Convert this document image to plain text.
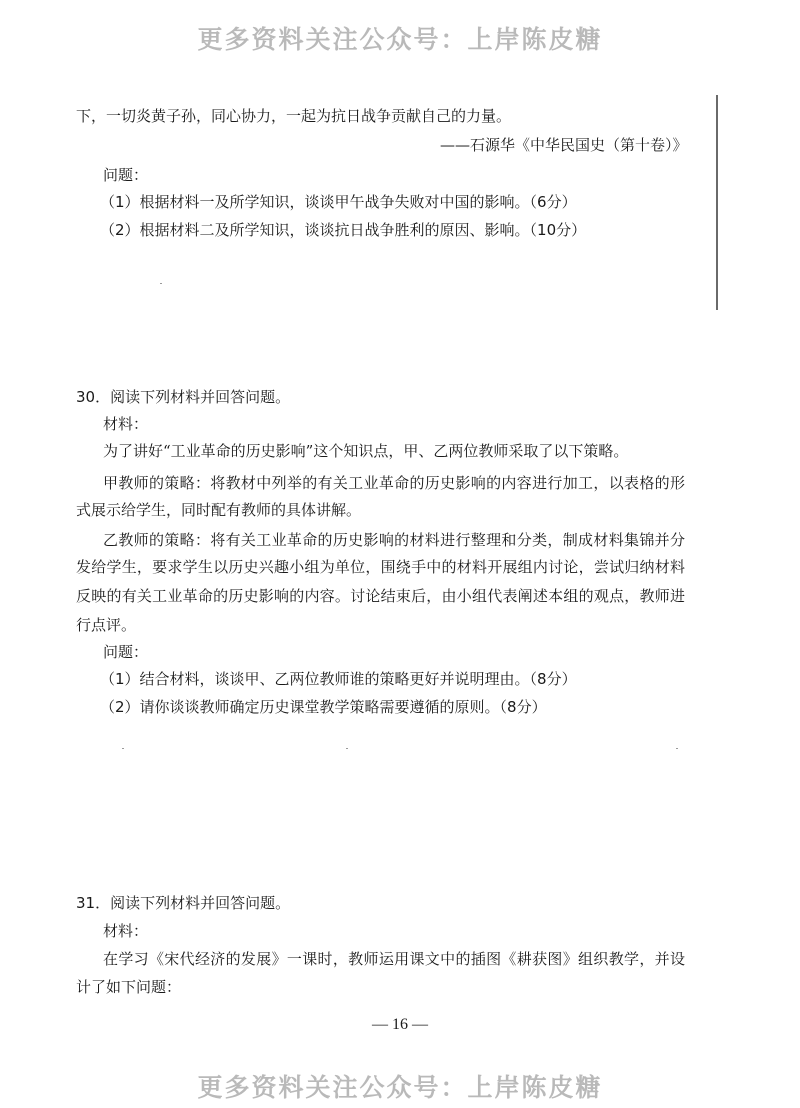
更多资料关注公众号：上岸陈皮糖
下，一切炎黄子孙，同心协力，一起为抗日战争贡献自己的力量。
——石源华《中华民国史（第十卷）》
问题：
（1）根据材料一及所学知识，谈谈甲午战争失败对中国的影响。（6分）
（2）根据材料二及所学知识，谈谈抗日战争胜利的原因、影响。（10分）
30．阅读下列材料并回答问题。
材料：
为了讲好“工业革命的历史影响”这个知识点，甲、乙两位教师采取了以下策略。
甲教师的策略：将教材中列举的有关工业革命的历史影响的内容进行加工，以表格的形
式展示给学生，同时配有教师的具体讲解。
乙教师的策略：将有关工业革命的历史影响的材料进行整理和分类，制成材料集锦并分
发给学生，要求学生以历史兴趣小组为单位，围绕手中的材料开展组内讨论，尝试归纳材料
反映的有关工业革命的历史影响的内容。讨论结束后，由小组代表阐述本组的观点，教师进
行点评。
问题：
（1）结合材料，谈谈甲、乙两位教师谁的策略更好并说明理由。（8分）
（2）请你谈谈教师确定历史课堂教学策略需要遵循的原则。（8分）
31．阅读下列材料并回答问题。
材料：
在学习《宋代经济的发展》一课时，教师运用课文中的插图《耕获图》组织教学，并设
计了如下问题：
— 16 —
更多资料关注公众号：上岸陈皮糖
